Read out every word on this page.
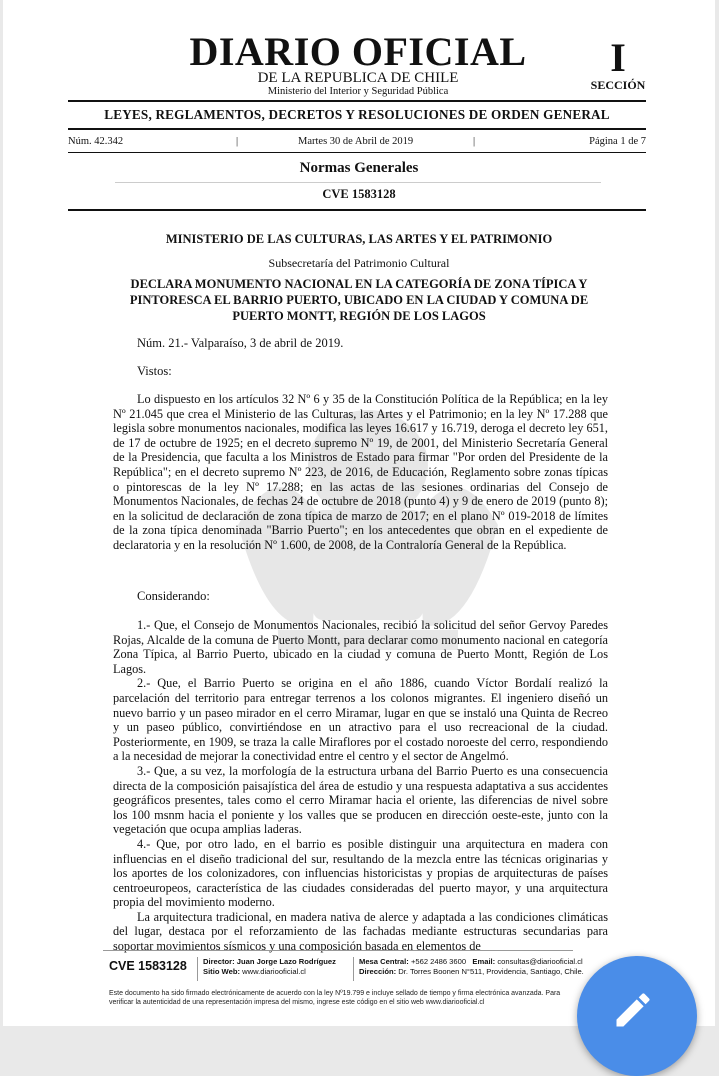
DIARIO OFICIAL
DE LA REPUBLICA DE CHILE
Ministerio del Interior y Seguridad Pública
I
SECCIÓN
LEYES, REGLAMENTOS, DECRETOS Y RESOLUCIONES DE ORDEN GENERAL
Núm. 42.342	|	Martes 30 de Abril de 2019	|	Página 1 de 7
Normas Generales
CVE 1583128
MINISTERIO DE LAS CULTURAS, LAS ARTES Y EL PATRIMONIO
Subsecretaría del Patrimonio Cultural
DECLARA MONUMENTO NACIONAL EN LA CATEGORÍA DE ZONA TÍPICA Y
PINTORESCA EL BARRIO PUERTO, UBICADO EN LA CIUDAD Y COMUNA DE
PUERTO MONTT, REGIÓN DE LOS LAGOS
Núm. 21.- Valparaíso, 3 de abril de 2019.
Vistos:

Lo dispuesto en los artículos 32 Nº 6 y 35 de la Constitución Política de la República; en la ley Nº 21.045 que crea el Ministerio de las Culturas, las Artes y el Patrimonio; en la ley Nº 17.288 que legisla sobre monumentos nacionales, modifica las leyes 16.617 y 16.719, deroga el decreto ley 651, de 17 de octubre de 1925; en el decreto supremo Nº 19, de 2001, del Ministerio Secretaría General de la Presidencia, que faculta a los Ministros de Estado para firmar "Por orden del Presidente de la República"; en el decreto supremo Nº 223, de 2016, de Educación, Reglamento sobre zonas típicas o pintorescas de la ley Nº 17.288; en las actas de las sesiones ordinarias del Consejo de Monumentos Nacionales, de fechas 24 de octubre de 2018 (punto 4) y 9 de enero de 2019 (punto 8); en la solicitud de declaración de zona típica de marzo de 2017; en el plano Nº 019-2018 de límites de la zona típica denominada "Barrio Puerto"; en los antecedentes que obran en el expediente de declaratoria y en la resolución Nº 1.600, de 2008, de la Contraloría General de la República.

Considerando:

1.- Que, el Consejo de Monumentos Nacionales, recibió la solicitud del señor Gervoy Paredes Rojas, Alcalde de la comuna de Puerto Montt, para declarar como monumento nacional en categoría Zona Típica, al Barrio Puerto, ubicado en la ciudad y comuna de Puerto Montt, Región de Los Lagos.

2.- Que, el Barrio Puerto se origina en el año 1886, cuando Víctor Bordalí realizó la parcelación del territorio para entregar terrenos a los colonos migrantes. El ingeniero diseñó un nuevo barrio y un paseo mirador en el cerro Miramar, lugar en que se instaló una Quinta de Recreo y un paseo público, convirtiéndose en un atractivo para el uso recreacional de la ciudad. Posteriormente, en 1909, se traza la calle Miraflores por el costado noroeste del cerro, respondiendo a la necesidad de mejorar la conectividad entre el centro y el sector de Angelmó.

3.- Que, a su vez, la morfología de la estructura urbana del Barrio Puerto es una consecuencia directa de la composición paisajística del área de estudio y una respuesta adaptativa a sus accidentes geográficos presentes, tales como el cerro Miramar hacia el oriente, las diferencias de nivel sobre los 100 msnm hacia el poniente y los valles que se producen en dirección oeste-este, junto con la vegetación que ocupa amplias laderas.

4.- Que, por otro lado, en el barrio es posible distinguir una arquitectura en madera con influencias en el diseño tradicional del sur, resultando de la mezcla entre las técnicas originarias y los aportes de los colonizadores, con influencias historicistas y propias de arquitecturas de países centroeuropeos, característica de las ciudades consideradas del puerto mayor, y una arquitectura propia del movimiento moderno.

La arquitectura tradicional, en madera nativa de alerce y adaptada a las condiciones climáticas del lugar, destaca por el reforzamiento de las fachadas mediante estructuras secundarias para soportar movimientos sísmicos y una composición basada en elementos de

CVE 1583128 Director: Juan Jorge Lazo Rodríguez
Sitio Web: www.diariooficial.cl
Mesa Central: +562 2486 3600 Email: consultas@diariooficial.cl
Dirección: Dr. Torres Boonen N°511, Providencia, Santiago, Chile.
Este documento ha sido firmado electrónicamente de acuerdo con la ley Nº19.799 e incluye sellado de tiempo y firma electrónica avanzada. Para verificar la autenticidad de una representación impresa del mismo, ingrese este código en el sitio web www.diariooficial.cl
